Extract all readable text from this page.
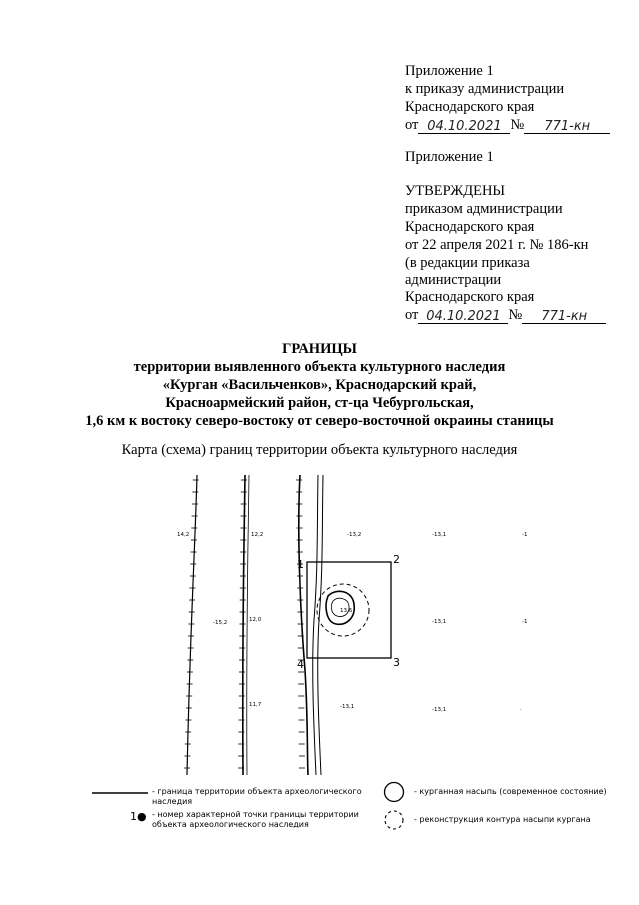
Приложение 1
к приказу администрации
Краснодарского края
от 04.10.2021 № 771-кн
Приложение 1
УТВЕРЖДЕНЫ
приказом администрации
Краснодарского края
от 22 апреля 2021 г. № 186-кн
(в редакции приказа
администрации
Краснодарского края
от 04.10.2021 № 771-кн
ГРАНИЦЫ
территории выявленного объекта культурного наследия
«Курган «Васильченков», Краснодарский край,
Красноармейский район, ст-ца Чебургольская,
1,6 км к востоку северо-востоку от северо-восточной окраины станицы
Карта (схема) границ территории объекта культурного наследия
1	2
3
4
14,2	12,2	-13,2	-13,1	-1
-15,2	12,0
13,6
-13,1	-1
11,7	-13,1	-13,1	·
- граница территории объекта археологического наследия
1● - номер характерной точки границы территории объекта археологического наследия
- курганная насыпь (современное состояние)
- реконструкция контура насыпи кургана
